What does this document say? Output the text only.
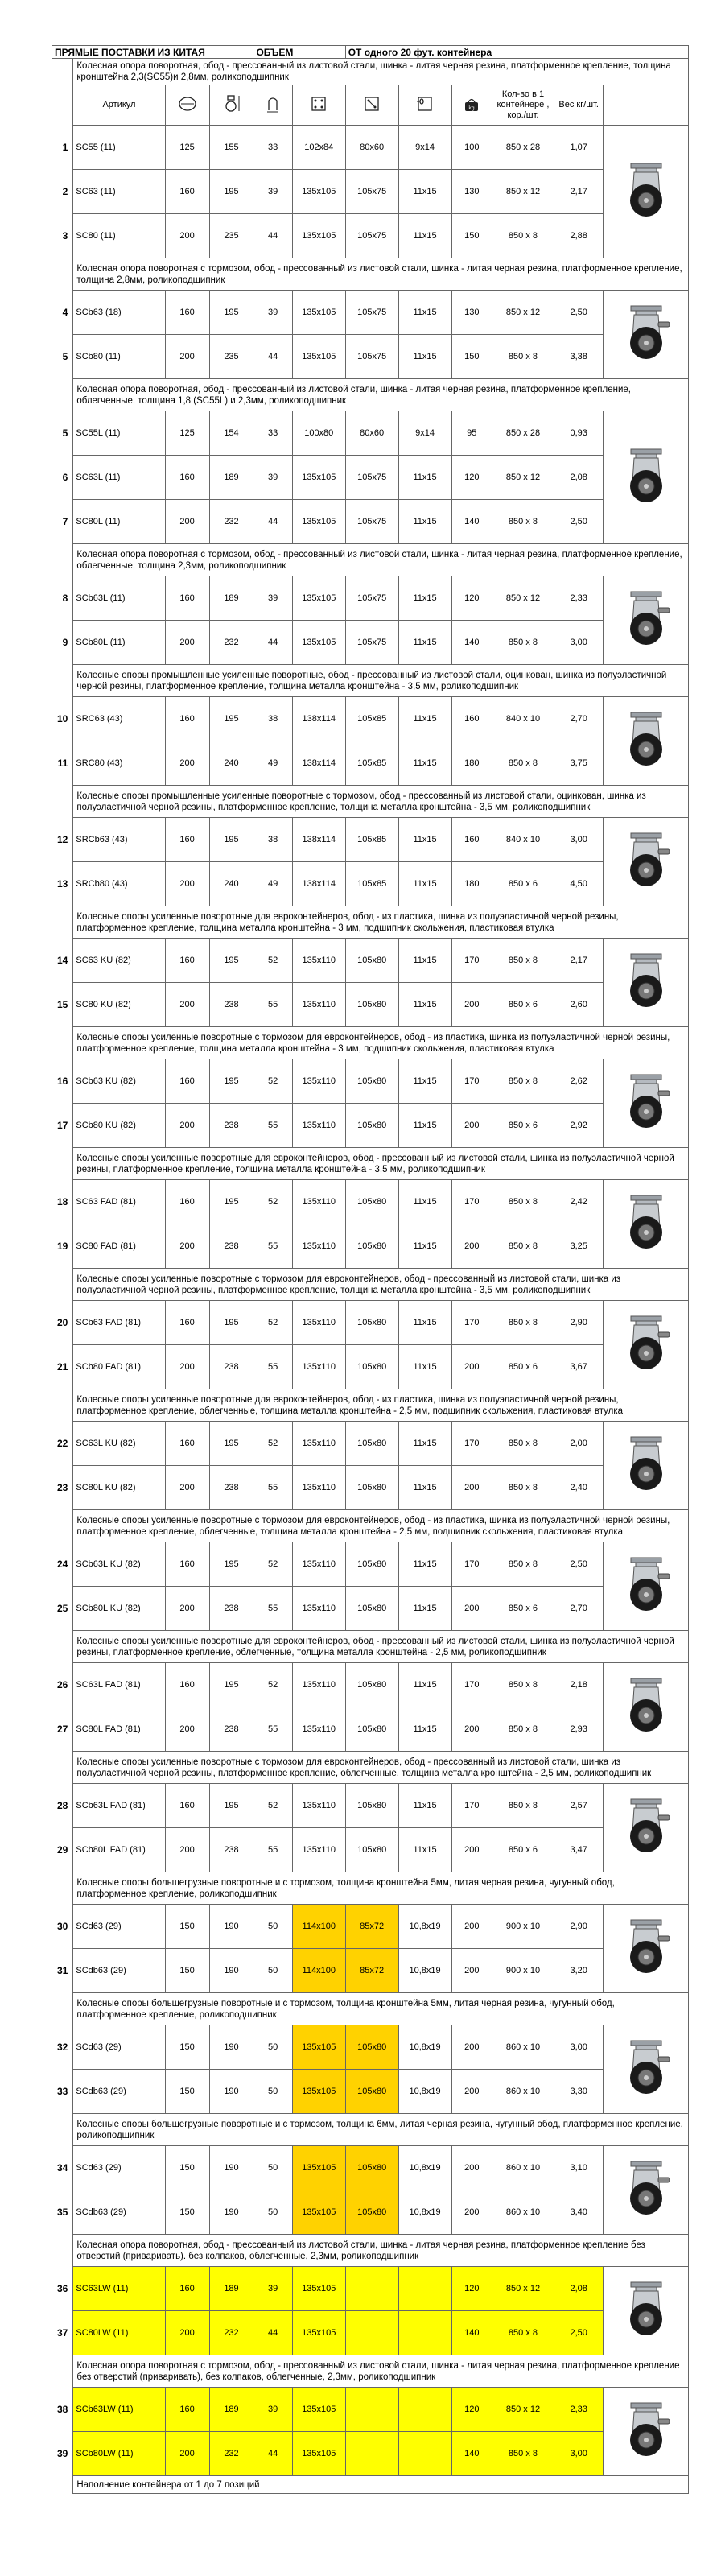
ПРЯМЫЕ ПОСТАВКИ ИЗ КИТАЯ				ОБЪЕМ		ОТ одного 20 фут. контейнера					
	Колесная опора поворотная, обод - прессованный из листовой стали, шинка - литая черная резина, платформенное крепление, толщина кронштейна 2,3(SC55)и 2,8мм, роликоподшипник										
	Артикул							kg	Кол-во в 1 контейнере , кор./шт.	Вес кг/шт.	
1	SC55 (11)	125	155	33	102x84	80x60	9x14	100	850 x 28	1,07	
2	SC63 (11)	160	195	39	135x105	105x75	11x15	130	850 x 12	2,17	
3	SC80 (11)	200	235	44	135x105	105x75	11x15	150	850 x 8	2,88	
	Колесная опора поворотная с тормозом, обод - прессованный из листовой стали, шинка - литая черная резина, платформенное крепление, толщина 2,8мм, роликоподшипник										
4	SCb63 (18)	160	195	39	135x105	105x75	11x15	130	850 x 12	2,50	
5	SCb80 (11)	200	235	44	135x105	105x75	11x15	150	850 x 8	3,38	
	Колесная опора поворотная, обод - прессованный из листовой стали, шинка - литая черная резина, платформенное крепление, облегченные, толщина 1,8 (SC55L) и 2,3мм, роликоподшипник										
5	SC55L (11)	125	154	33	100x80	80x60	9x14	95	850 x 28	0,93	
6	SC63L (11)	160	189	39	135x105	105x75	11x15	120	850 x 12	2,08	
7	SC80L (11)	200	232	44	135x105	105x75	11x15	140	850 x 8	2,50	
	Колесная опора поворотная с тормозом, обод - прессованный из листовой стали, шинка - литая черная резина, платформенное крепление, облегченные, толщина 2,3мм, роликоподшипник										
8	SCb63L (11)	160	189	39	135x105	105x75	11x15	120	850 x 12	2,33	
9	SCb80L (11)	200	232	44	135x105	105x75	11x15	140	850 x 8	3,00	
	Колесные опоры промышленные усиленные поворотные, обод - прессованный из листовой стали, оцинкован, шинка из полуэластичной черной резины, платформенное крепление, толщина металла кронштейна - 3,5 мм, роликоподшипник										
10	SRC63 (43)	160	195	38	138x114	105x85	11x15	160	840 x 10	2,70	
11	SRC80 (43)	200	240	49	138x114	105x85	11x15	180	850 x 8	3,75	
	Колесные опоры промышленные усиленные поворотные с тормозом, обод - прессованный из листовой стали, оцинкован, шинка из полуэластичной черной резины, платформенное крепление, толщина металла кронштейна - 3,5 мм, роликоподшипник										
12	SRCb63 (43)	160	195	38	138x114	105x85	11x15	160	840 x 10	3,00	
13	SRCb80 (43)	200	240	49	138x114	105x85	11x15	180	850 x 6	4,50	
	Колесные опоры усиленные поворотные для евроконтейнеров, обод - из пластика, шинка из полуэластичной черной резины, платформенное крепление, толщина металла кронштейна - 3 мм, подшипник скольжения, пластиковая втулка										
14	SC63 KU (82)	160	195	52	135x110	105x80	11x15	170	850 x 8	2,17	
15	SC80 KU (82)	200	238	55	135x110	105x80	11x15	200	850 x 6	2,60	
	Колесные опоры усиленные поворотные с тормозом для евроконтейнеров, обод - из пластика, шинка из полуэластичной черной резины, платформенное крепление, толщина металла кронштейна - 3 мм, подшипник скольжения, пластиковая втулка										
16	SCb63 KU (82)	160	195	52	135x110	105x80	11x15	170	850 x 8	2,62	
17	SCb80 KU (82)	200	238	55	135x110	105x80	11x15	200	850 x 6	2,92	
	Колесные опоры усиленные поворотные для евроконтейнеров, обод - прессованный из листовой стали, шинка из полуэластичной черной резины, платформенное крепление, толщина металла кронштейна - 3,5 мм, роликоподшипник										
18	SC63 FAD (81)	160	195	52	135x110	105x80	11x15	170	850 x 8	2,42	
19	SC80 FAD (81)	200	238	55	135x110	105x80	11x15	200	850 x 8	3,25	
	Колесные опоры усиленные поворотные с тормозом для евроконтейнеров, обод - прессованный из листовой стали, шинка из полуэластичной черной резины, платформенное крепление, толщина металла кронштейна - 3,5 мм, роликоподшипник										
20	SCb63 FAD (81)	160	195	52	135x110	105x80	11x15	170	850 x 8	2,90	
21	SCb80 FAD (81)	200	238	55	135x110	105x80	11x15	200	850 x 6	3,67	
	Колесные опоры усиленные поворотные для евроконтейнеров, обод - из пластика, шинка из полуэластичной черной резины, платформенное крепление, облегченные, толщина металла кронштейна - 2,5 мм, подшипник скольжения, пластиковая втулка										
22	SC63L KU (82)	160	195	52	135x110	105x80	11x15	170	850 x 8	2,00	
23	SC80L KU (82)	200	238	55	135x110	105x80	11x15	200	850 x 8	2,40	
	Колесные опоры усиленные поворотные с тормозом для евроконтейнеров, обод - из пластика, шинка из полуэластичной черной резины, платформенное крепление, облегченные, толщина металла кронштейна - 2,5 мм, подшипник скольжения, пластиковая втулка										
24	SCb63L KU (82)	160	195	52	135x110	105x80	11x15	170	850 x 8	2,50	
25	SCb80L KU (82)	200	238	55	135x110	105x80	11x15	200	850 x 6	2,70	
	Колесные опоры усиленные поворотные для евроконтейнеров, обод - прессованный из листовой стали, шинка из полуэластичной черной резины, платформенное крепление, облегченные, толщина металла кронштейна - 2,5 мм, роликоподшипник										
26	SC63L FAD (81)	160	195	52	135x110	105x80	11x15	170	850 x 8	2,18	
27	SC80L FAD (81)	200	238	55	135x110	105x80	11x15	200	850 x 8	2,93	
	Колесные опоры усиленные поворотные с тормозом для евроконтейнеров, обод - прессованный из листовой стали, шинка из полуэластичной черной резины, платформенное крепление, облегченные, толщина металла кронштейна - 2,5 мм, роликоподшипник										
28	SCb63L FAD (81)	160	195	52	135x110	105x80	11x15	170	850 x 8	2,57	
29	SCb80L FAD (81)	200	238	55	135x110	105x80	11x15	200	850 x 6	3,47	
	Колесные опоры большегрузные поворотные и с тормозом, толщина кронштейна 5мм, литая черная резина, чугунный обод, платформенное крепление, роликоподшипник										
30	SCd63 (29)	150	190	50	114x100	85x72	10,8x19	200	900 x 10	2,90	
31	SCdb63 (29)	150	190	50	114x100	85x72	10,8x19	200	900 x 10	3,20	
	Колесные опоры большегрузные поворотные и с тормозом, толщина кронштейна 5мм, литая черная резина, чугунный обод, платформенное крепление, роликоподшипник										
32	SCd63 (29)	150	190	50	135x105	105x80	10,8x19	200	860 x 10	3,00	
33	SCdb63 (29)	150	190	50	135x105	105x80	10,8x19	200	860 x 10	3,30	
	Колесные опоры большегрузные поворотные и с тормозом, толщина 6мм, литая черная резина, чугунный обод, платформенное крепление, роликоподшипник										
34	SCd63 (29)	150	190	50	135x105	105x80	10,8x19	200	860 x 10	3,10	
35	SCdb63 (29)	150	190	50	135x105	105x80	10,8x19	200	860 x 10	3,40	
	Колесная опора поворотная, обод - прессованный из листовой стали, шинка - литая черная резина, платформенное крепление без отверстий (приваривать). без колпаков, облегченные, 2,3мм, роликоподшипник										
36	SC63LW (11)	160	189	39	135x105			120	850 x 12	2,08	
37	SC80LW (11)	200	232	44	135x105			140	850 x 8	2,50	
	Колесная опора поворотная с тормозом, обод - прессованный из листовой стали, шинка - литая черная резина, платформенное крепление без отверстий (приваривать), без колпаков, облегченные, 2,3мм, роликоподшипник										
38	SCb63LW (11)	160	189	39	135x105			120	850 x 12	2,33	
39	SCb80LW (11)	200	232	44	135x105			140	850 x 8	3,00	
	Наполнение контейнера от 1 до 7 позиций										
